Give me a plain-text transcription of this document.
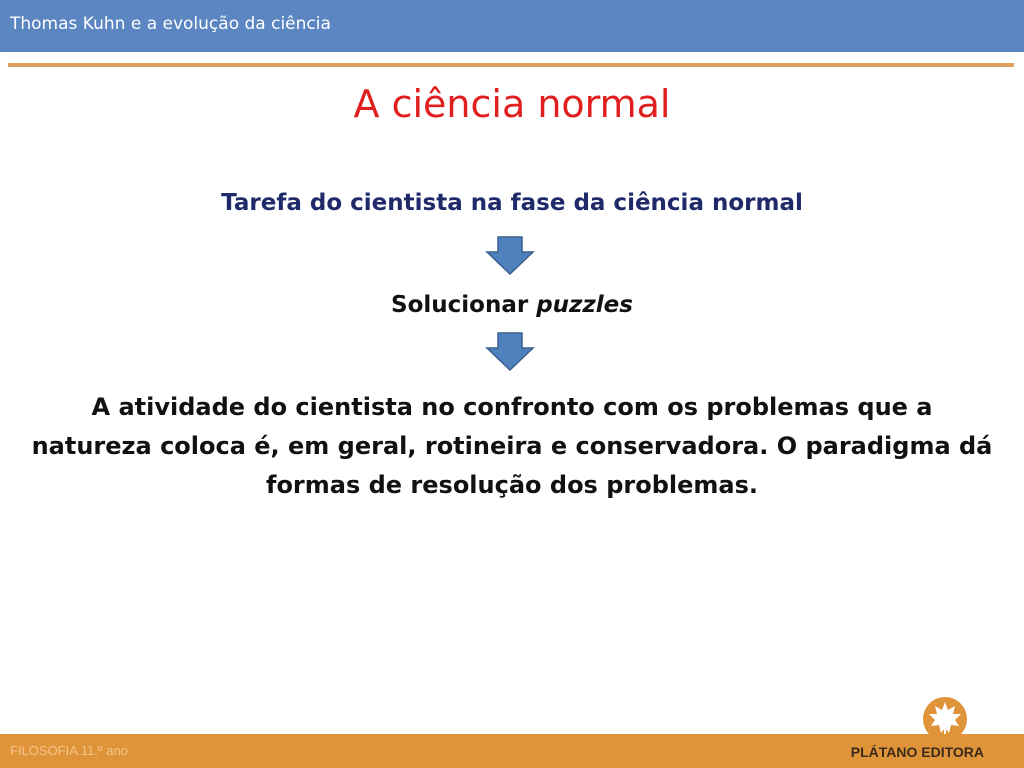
Thomas Kuhn e a evolução da ciência
A ciência normal
Tarefa do cientista na fase da ciência normal
Solucionar puzzles
A atividade do cientista no confronto com os problemas que a natureza coloca é, em geral, rotineira e conservadora. O paradigma dá formas de resolução dos problemas.
FILOSOFIA 11.º ano	PLÁTANO EDITORA
